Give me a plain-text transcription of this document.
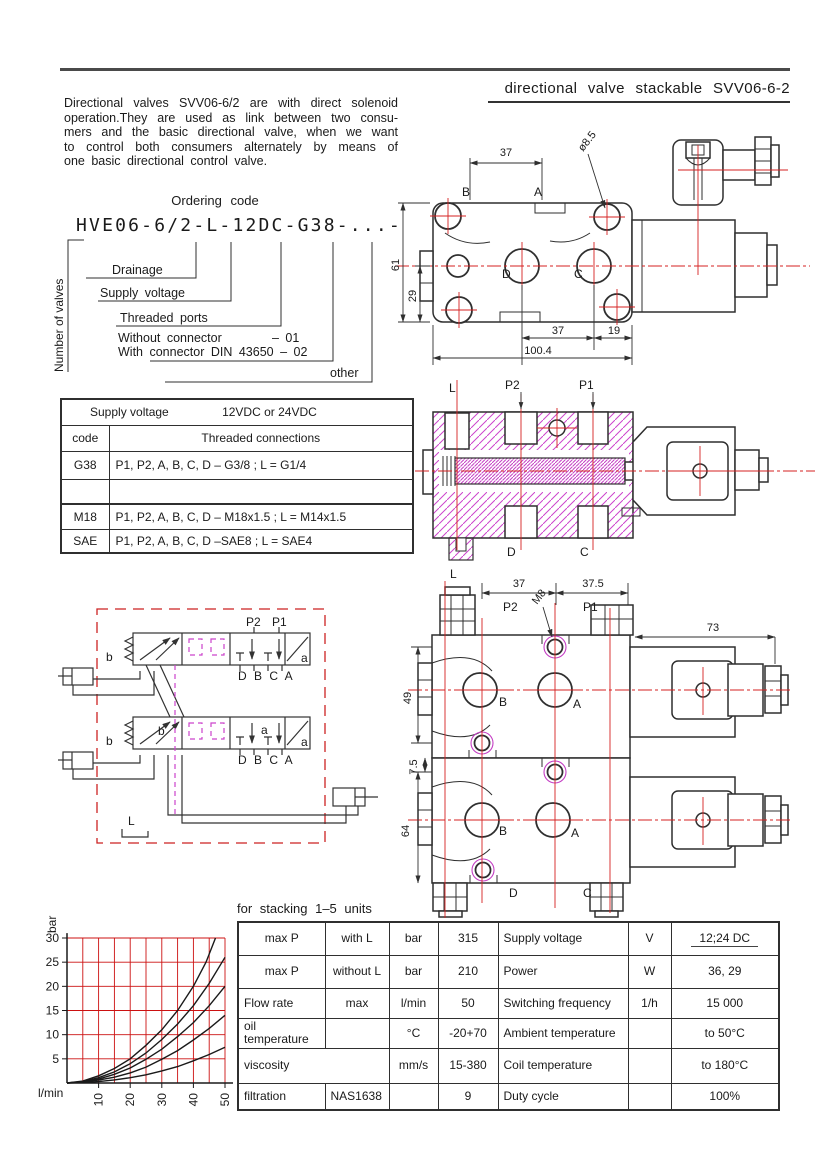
directional valve stackable SVV06-6-2
Directional valves SVV06-6/2 are with direct solenoid
operation.They are used as link between two consu-
mers and the basic directional valve, when we want
to control both consumers alternately by means of
one basic directional control valve.
Ordering code
HVE06-6/2-L-12DC-G38-...-
Number of valves
Drainage
Supply voltage
Threaded ports
Without connector	– 01
With connector DIN 43650 – 02
other
Supply voltage 12VDC or 24VDC	
code	Threaded connections
G38	P1, P2, A, B, C, D – G3/8 ; L = G1/4

M18	P1, P2, A, B, C, D – M18x1.5 ; L = M14x1.5
SAE	P1, P2, A, B, C, D –SAE8 ; L = SAE4
37
B	A
ø8.5
61
29
D	C
37	19
100.4
L	P2	P1
D	C
b	a
P2 P1
D B C A
b
b	a
a
D B C A
L
L
37	37.5
P2	P1
M8
73
49
7.5
64
B	A
B	A
D	C
5
10
15
20
25
30
10 20 30 40 50
bar
l/min
for stacking 1–5 units
max P	with L	bar	315	Supply voltage	V	12;24 DC
max P	without L	bar	210	Power	W	36, 29
Flow rate	max	l/min	50	Switching frequency	1/h	15 000
oil temperature		°C	-20+70	Ambient temperature		to 50°C
viscosity		mm/s	15-380	Coil temperature		to 180°C
filtration	NAS1638		9	Duty cycle		100%
